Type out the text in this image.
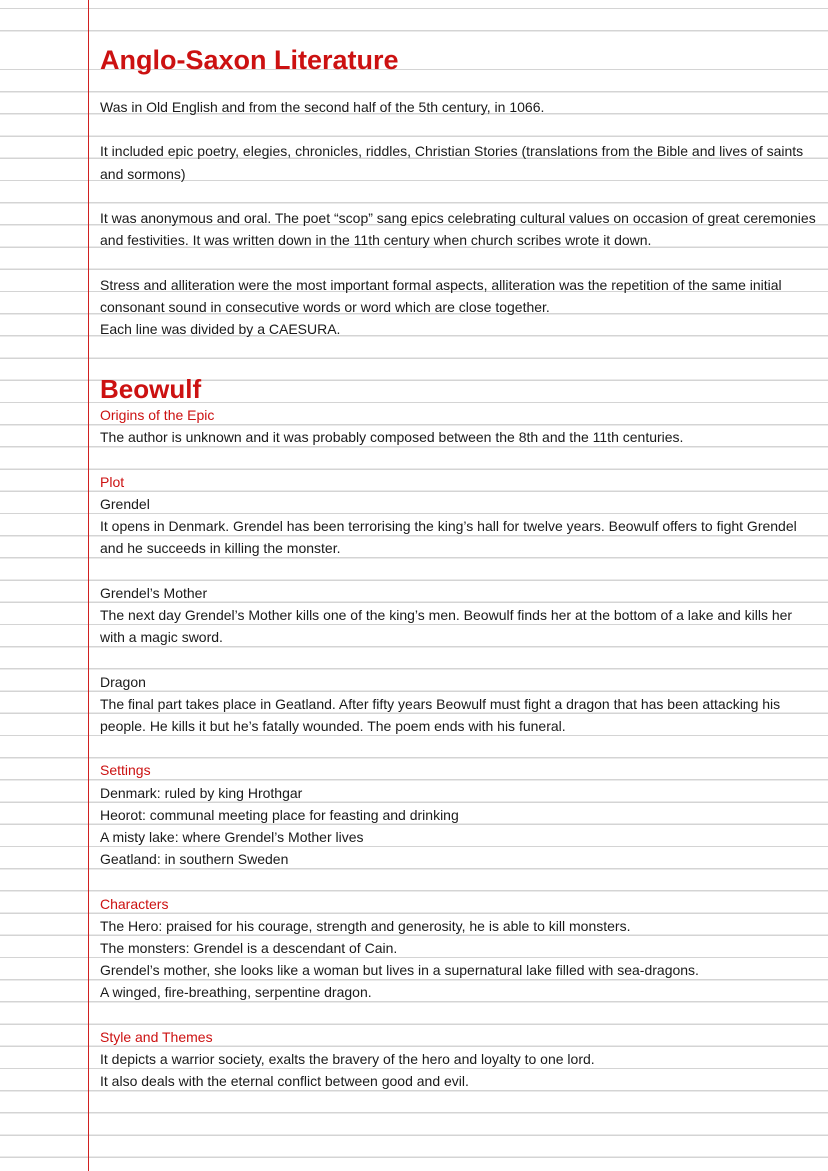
Anglo-Saxon Literature

Was in Old English and from the second half of the 5th century, in 1066.

It included epic poetry, elegies, chronicles, riddles, Christian Stories (translations from the Bible and lives of saints and sormons)

It was anonymous and oral. The poet “scop” sang epics celebrating cultural values on occasion of great ceremonies and festivities. It was written down in the 11th century when church scribes wrote it down.

Stress and alliteration were the most important formal aspects, alliteration was the repetition of the same initial consonant sound in consecutive words or word which are close together.

Each line was divided by a CAESURA.

Beowulf

Origins of the Epic

The author is unknown and it was probably composed between the 8th and the 11th centuries.

Plot

Grendel

It opens in Denmark. Grendel has been terrorising the king’s hall for twelve years. Beowulf offers to fight Grendel and he succeeds in killing the monster.

Grendel’s Mother

The next day Grendel’s Mother kills one of the king’s men. Beowulf finds her at the bottom of a lake and kills her with a magic sword.

Dragon

The final part takes place in Geatland. After fifty years Beowulf must fight a dragon that has been attacking his people. He kills it but he’s fatally wounded. The poem ends with his funeral.

Settings

Denmark: ruled by king Hrothgar

Heorot: communal meeting place for feasting and drinking

A misty lake: where Grendel’s Mother lives

Geatland: in southern Sweden

Characters

The Hero: praised for his courage, strength and generosity, he is able to kill monsters.

The monsters: Grendel is a descendant of Cain.

Grendel’s mother, she looks like a woman but lives in a supernatural lake filled with sea-dragons.

A winged, fire-breathing, serpentine dragon.

Style and Themes

It depicts a warrior society, exalts the bravery of the hero and loyalty to one lord.

It also deals with the eternal conflict between good and evil.
